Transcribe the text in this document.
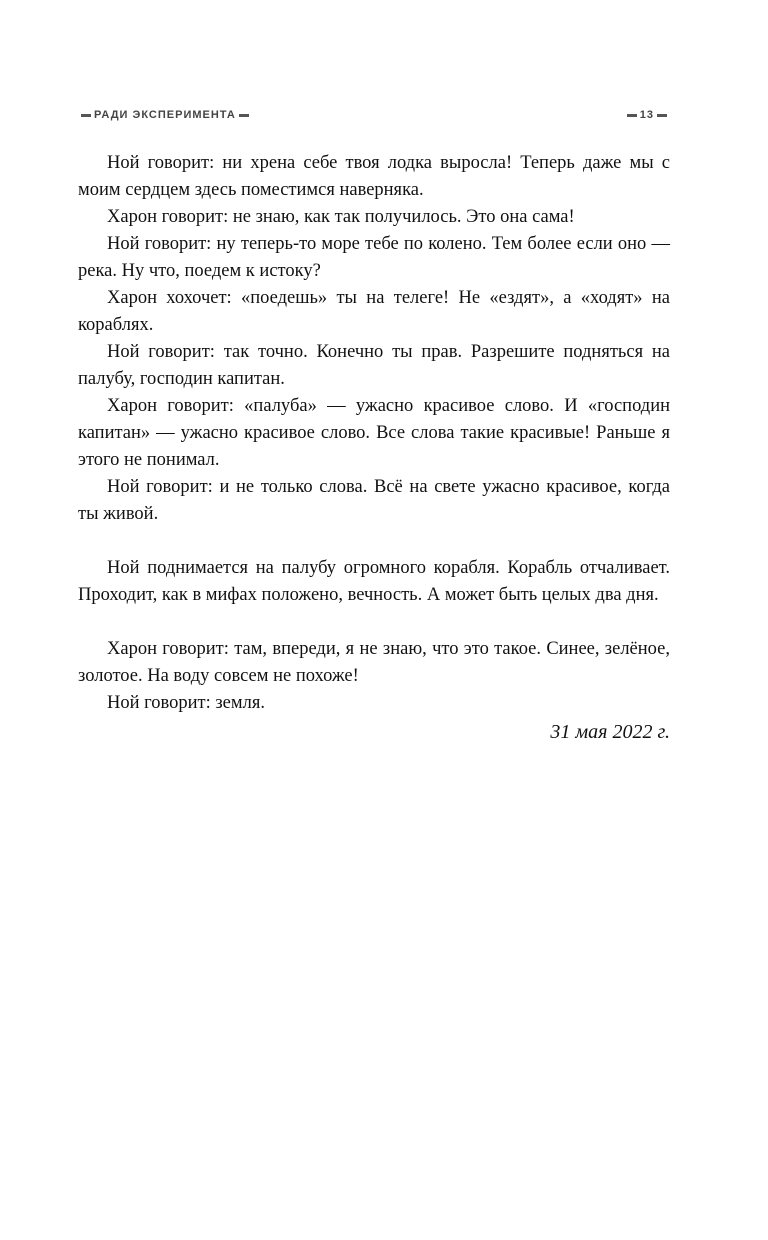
РАДИ ЭКСПЕРИМЕНТА	13

Ной говорит: ни хрена себе твоя лодка выросла! Теперь даже мы с моим сердцем здесь поместимся наверняка.

Харон говорит: не знаю, как так получилось. Это она сама!

Ной говорит: ну теперь-то море тебе по колено. Тем более если оно — река. Ну что, поедем к истоку?

Харон хохочет: «поедешь» ты на телеге! Не «ездят», а «ходят» на кораблях.

Ной говорит: так точно. Конечно ты прав. Разрешите подняться на палубу, господин капитан.

Харон говорит: «палуба» — ужасно красивое слово. И «господин капитан» — ужасно красивое слово. Все слова такие красивые! Раньше я этого не понимал.

Ной говорит: и не только слова. Всё на свете ужасно красивое, когда ты живой.

Ной поднимается на палубу огромного корабля. Корабль отчаливает. Проходит, как в мифах положено, вечность. А может быть целых два дня.

Харон говорит: там, впереди, я не знаю, что это такое. Синее, зелёное, золотое. На воду совсем не похоже!

Ной говорит: земля.

31 мая 2022 г.
